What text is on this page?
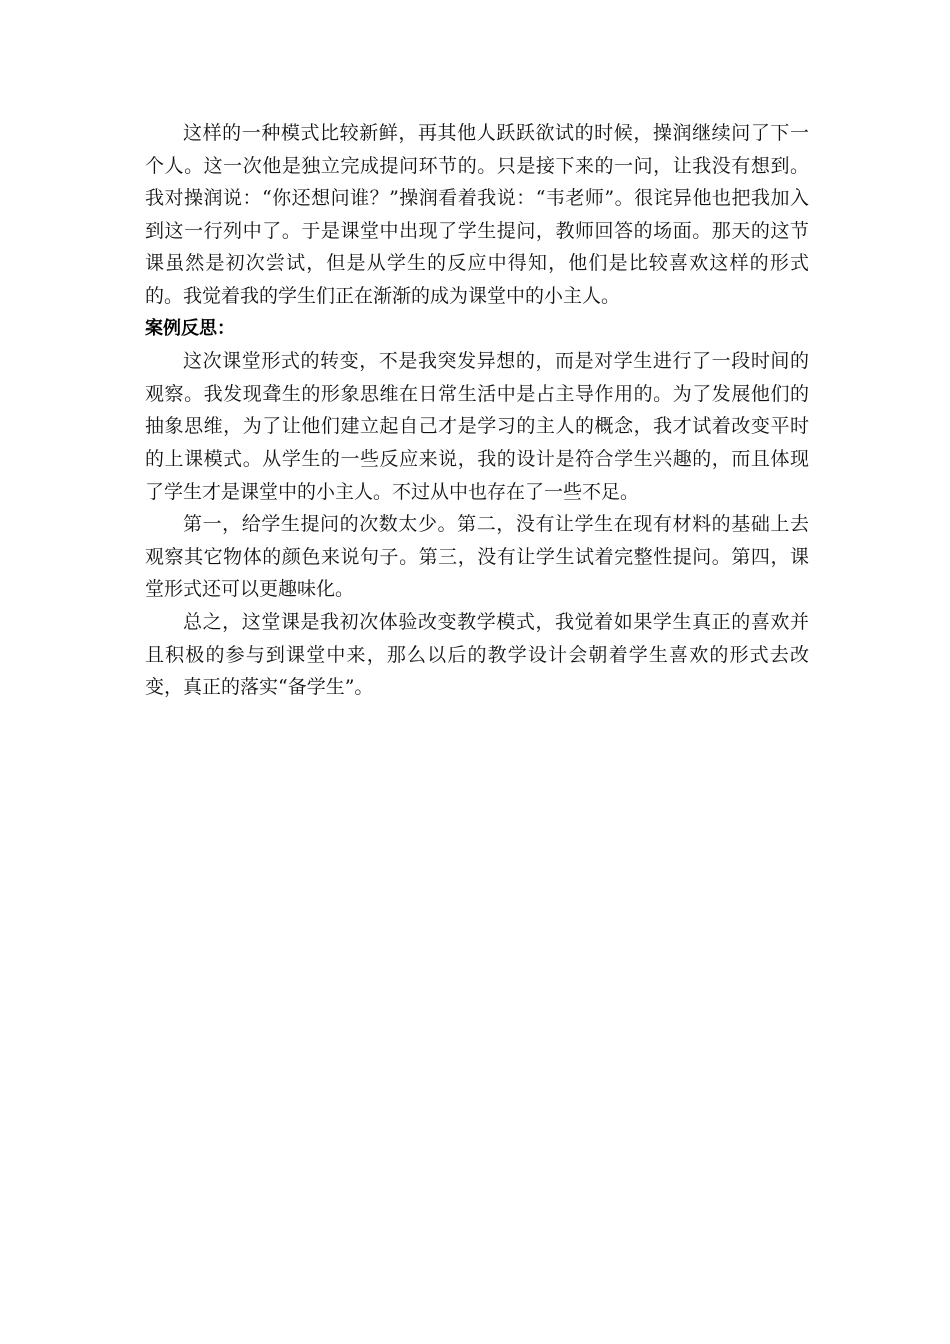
这样的一种模式比较新鲜，再其他人跃跃欲试的时候，操润继续问了下一个人。这一次他是独立完成提问环节的。只是接下来的一问，让我没有想到。我对操润说：“你还想问谁？”操润看着我说：“韦老师”。很诧异他也把我加入到这一行列中了。于是课堂中出现了学生提问，教师回答的场面。那天的这节课虽然是初次尝试，但是从学生的反应中得知，他们是比较喜欢这样的形式的。我觉着我的学生们正在渐渐的成为课堂中的小主人。

案例反思：

这次课堂形式的转变，不是我突发异想的，而是对学生进行了一段时间的观察。我发现聋生的形象思维在日常生活中是占主导作用的。为了发展他们的抽象思维，为了让他们建立起自己才是学习的主人的概念，我才试着改变平时的上课模式。从学生的一些反应来说，我的设计是符合学生兴趣的，而且体现了学生才是课堂中的小主人。不过从中也存在了一些不足。

第一，给学生提问的次数太少。第二，没有让学生在现有材料的基础上去观察其它物体的颜色来说句子。第三，没有让学生试着完整性提问。第四，课堂形式还可以更趣味化。

总之，这堂课是我初次体验改变教学模式，我觉着如果学生真正的喜欢并且积极的参与到课堂中来，那么以后的教学设计会朝着学生喜欢的形式去改变，真正的落实“备学生”。
